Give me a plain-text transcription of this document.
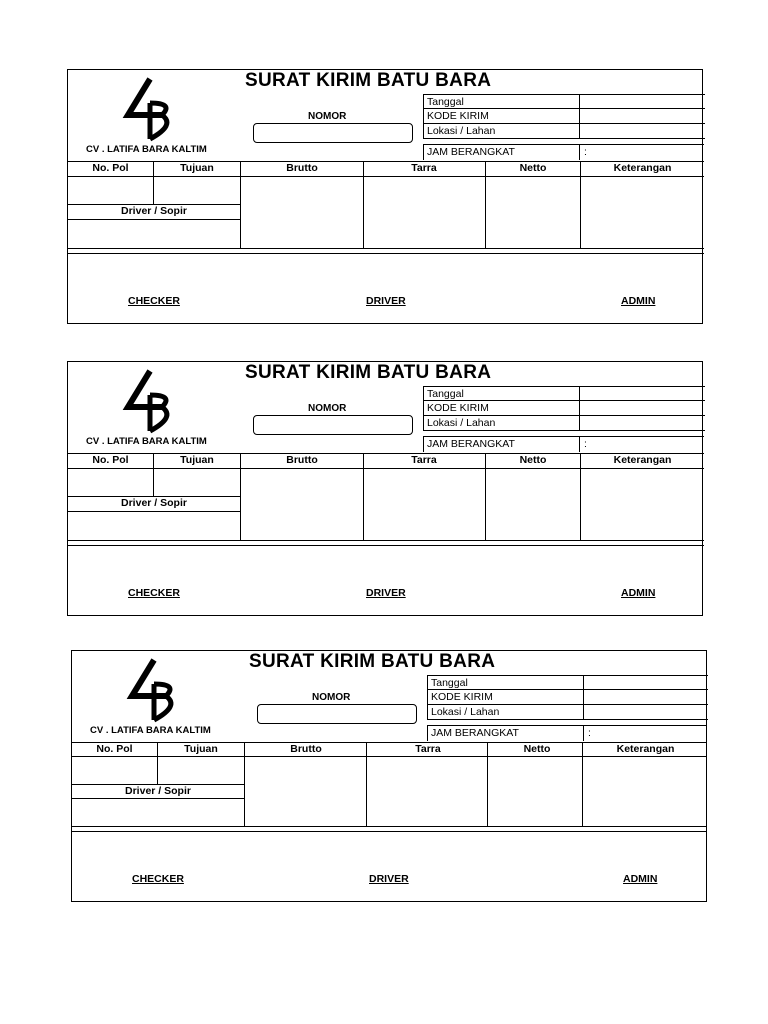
SURAT KIRIM BATU BARA
CV . LATIFA BARA KALTIM
NOMOR
Tanggal
KODE KIRIM
Lokasi / Lahan
JAM BERANGKAT	:
No. Pol	Tujuan	Brutto	Tarra	Netto	Keterangan
Driver / Sopir
CHECKER	DRIVER	ADMIN
SURAT KIRIM BATU BARA
CV . LATIFA BARA KALTIM
NOMOR
Tanggal
KODE KIRIM
Lokasi / Lahan
JAM BERANGKAT	:
No. Pol	Tujuan	Brutto	Tarra	Netto	Keterangan
Driver / Sopir
CHECKER	DRIVER	ADMIN
SURAT KIRIM BATU BARA
CV . LATIFA BARA KALTIM
NOMOR
Tanggal
KODE KIRIM
Lokasi / Lahan
JAM BERANGKAT	:
No. Pol	Tujuan	Brutto	Tarra	Netto	Keterangan
Driver / Sopir
CHECKER	DRIVER	ADMIN
